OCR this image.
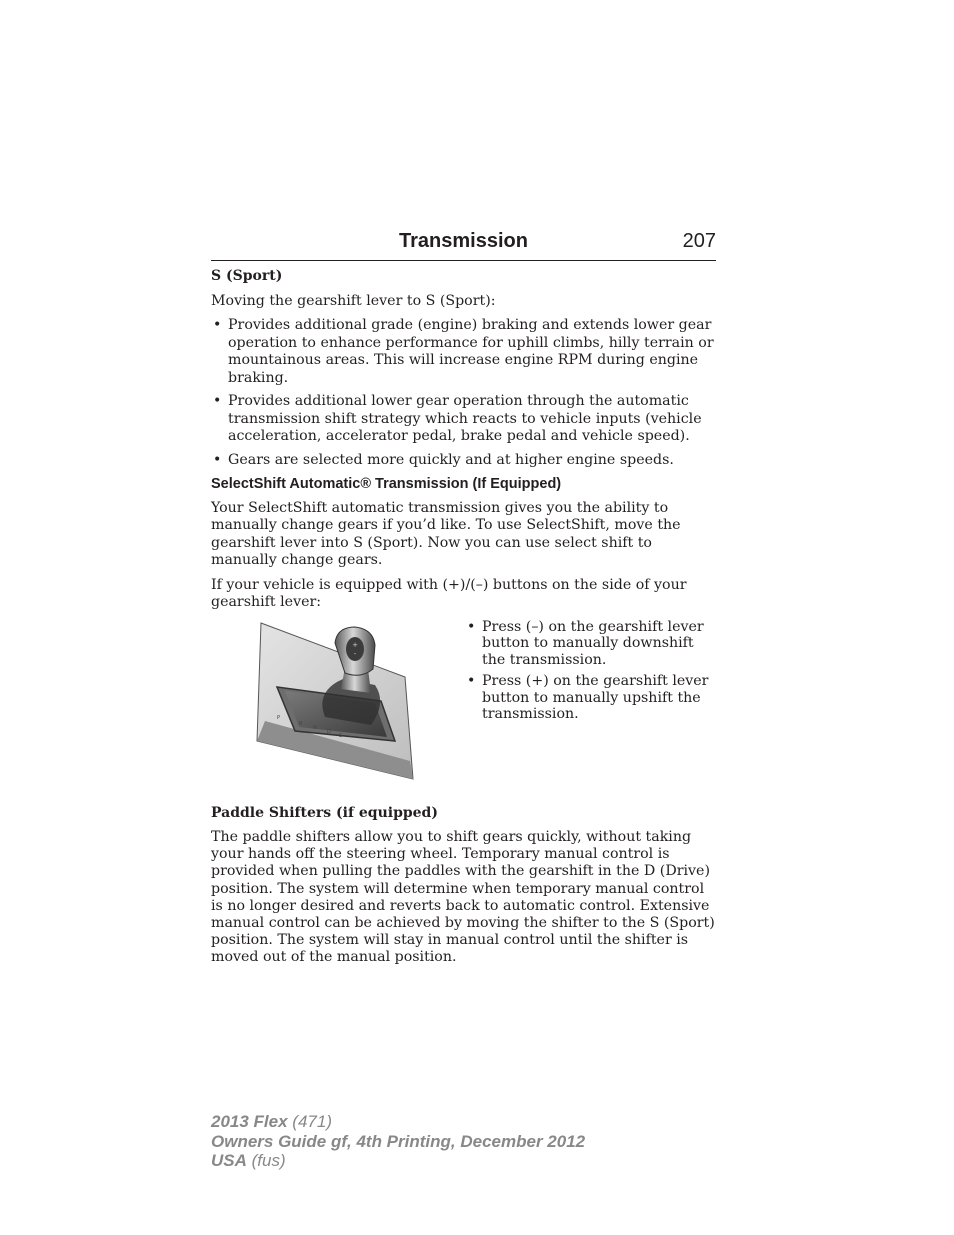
Transmission	207
S (Sport)

Moving the gearshift lever to S (Sport):

• Provides additional grade (engine) braking and extends lower gear operation to enhance performance for uphill climbs, hilly terrain or mountainous areas. This will increase engine RPM during engine braking.
• Provides additional lower gear operation through the automatic transmission shift strategy which reacts to vehicle inputs (vehicle acceleration, accelerator pedal, brake pedal and vehicle speed).
• Gears are selected more quickly and at higher engine speeds.
SelectShift Automatic® Transmission (If Equipped)

Your SelectShift automatic transmission gives you the ability to manually change gears if you’d like. To use SelectShift, move the gearshift lever into S (Sport). Now you can use select shift to manually change gears.

If your vehicle is equipped with (+)/(–) buttons on the side of your gearshift lever:

+
-
P
R
N
D
S
• Press (–) on the gearshift lever button to manually downshift the transmission.
• Press (+) on the gearshift lever button to manually upshift the transmission.
Paddle Shifters (if equipped)

The paddle shifters allow you to shift gears quickly, without taking your hands off the steering wheel. Temporary manual control is provided when pulling the paddles with the gearshift in the D (Drive) position. The system will determine when temporary manual control is no longer desired and reverts back to automatic control. Extensive manual control can be achieved by moving the shifter to the S (Sport) position. The system will stay in manual control until the shifter is moved out of the manual position.

2013 Flex (471)
Owners Guide gf, 4th Printing, December 2012
USA (fus)
